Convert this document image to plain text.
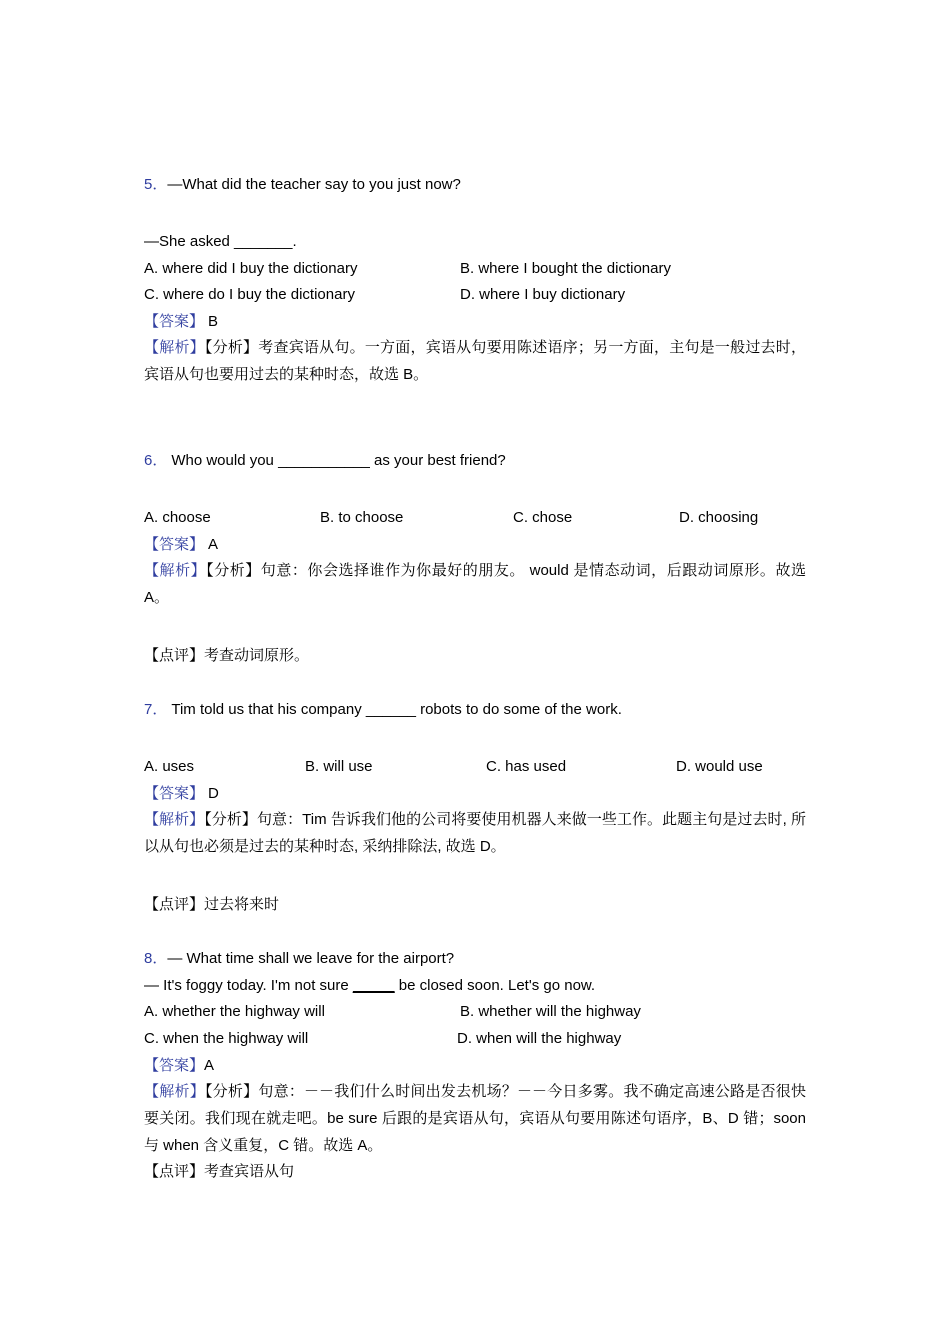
5．—What did the teacher say to you just now?
—She asked _______.
A. where did I buy the dictionary	B. where I bought the dictionary
C. where do I buy the dictionary	D. where I buy dictionary
【答案】 B
【解析】【分析】考查宾语从句。一方面，宾语从句要用陈述语序；另一方面，主句是一般过去时，宾语从句也要用过去的某种时态，故选 B。
6． Who would you ___________ as your best friend?
A. choose	B. to choose	C. chose	D. choosing
【答案】 A
【解析】【分析】句意：你会选择谁作为你最好的朋友。 would 是情态动词，后跟动词原形。故选 A。
【点评】考查动词原形。
7． Tim told us that his company ______ robots to do some of the work.
A. uses	B. will use	C. has used	D. would use
【答案】 D
【解析】【分析】句意：Tim 告诉我们他的公司将要使用机器人来做一些工作。此题主句是过去时, 所以从句也必须是过去的某种时态, 采纳排除法, 故选 D。
【点评】过去将来时
8．— What time shall we leave for the airport?
— It's foggy today. I'm not sure _____ be closed soon. Let's go now.
A. whether the highway will	B. whether will the highway
C. when the highway will	D. when will the highway
【答案】A
【解析】【分析】句意：－－我们什么时间出发去机场？－－今日多雾。我不确定高速公路是否很快要关闭。我们现在就走吧。be sure 后跟的是宾语从句，宾语从句要用陈述句语序，B、D 错；soon 与 when 含义重复，C 错。故选 A。
【点评】考查宾语从句
